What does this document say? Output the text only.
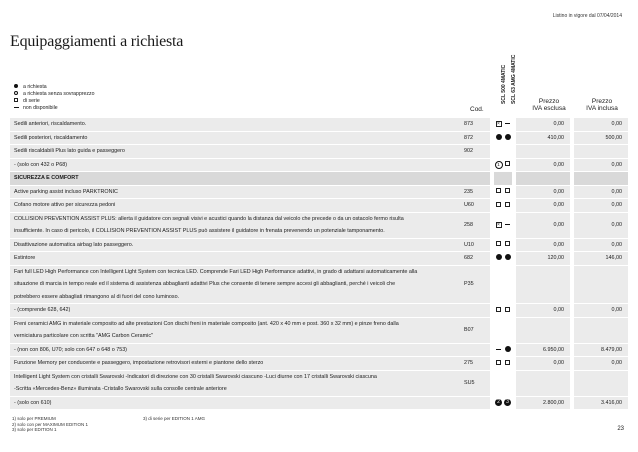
Listino in vigore dal 07/04/2014
Equipaggiamenti a richiesta
a richiesta
a richiesta senza sovrapprezzo
di serie
non disponibile	Cod.
SCL 500 4MATIC SCL 63 AMG 4MATIC	Prezzo
IVA esclusa
Prezzo
IVA inclusa
Sedili anteriori, riscaldamento.	873		×			0,00		0,00

Sedili posteriori, riscaldamento	872					410,00		500,00

Sedili riscaldabili Plus lato guida e passeggero	902							

- (solo con 432 o P68)			1			0,00		0,00

SICUREZZA E COMFORT								

Active parking assist incluso PARKTRONIC	235					0,00		0,00

Cofano motore attivo per sicurezza pedoni	U60					0,00		0,00

COLLISION PREVENTION ASSIST PLUS: allerta il guidatore con segnali visivi e acustici quando la distanza dal veicolo che precede o da un ostacolo fermo risulta
insufficiente. In caso di pericolo, il COLLISION PREVENTION ASSIST PLUS può assistere il guidatore in frenata prevenendo un potenziale tamponamento.	258		×			0,00		0,00

Disattivazione automatica airbag lato passeggero.	U10					0,00		0,00

Estintore	682					120,00		146,00

Fari full LED High Performance con Intelligent Light System con tecnica LED. Comprende Fari LED High Performance adattivi, in grado di adattarsi automaticamente alla
situazione di marcia in tempo reale ed il sistema di assistenza abbaglianti adattivi Plus che consente di tenere sempre accesi gli abbaglianti, perché i veicoli che
potrebbero essere abbagliati rimangono al di fuori del cono luminoso.	P35							

- (comprende 628, 642)						0,00		0,00

Freni ceramici AMG in materiale composito ad alte prestazioni Con dischi freni in materiale composito (ant. 420 x 40 mm e post. 360 x 32 mm) e pinze freno dalla
verniciatura particolare con scritta "AMG Carbon Ceramic"	B07							

- (non con 806, U70; solo con 647 o 648 o 753)						6.950,00		8.479,00

Funzione Memory per conducente e passeggero, impostazione retrovisori esterni e piantone dello sterzo	275					0,00		0,00

Intelligent Light System con cristalli Swarovski -Indicatori di direzione con 30 cristalli Swarovski ciascuno -Luci diurne con 17 cristalli Swarovski ciascuna
-Scritta «Mercedes-Benz» illuminata -Cristallo Swarovski sulla consolle centrale anteriore	SU5							

- (solo con 610)			2	3		2.800,00		3.416,00
1) solo per PREMIUM
2) solo con per MAXIMUM EDITION 1
3) solo per EDITION 1
3) di serie per EDITION 1 AMG
23
